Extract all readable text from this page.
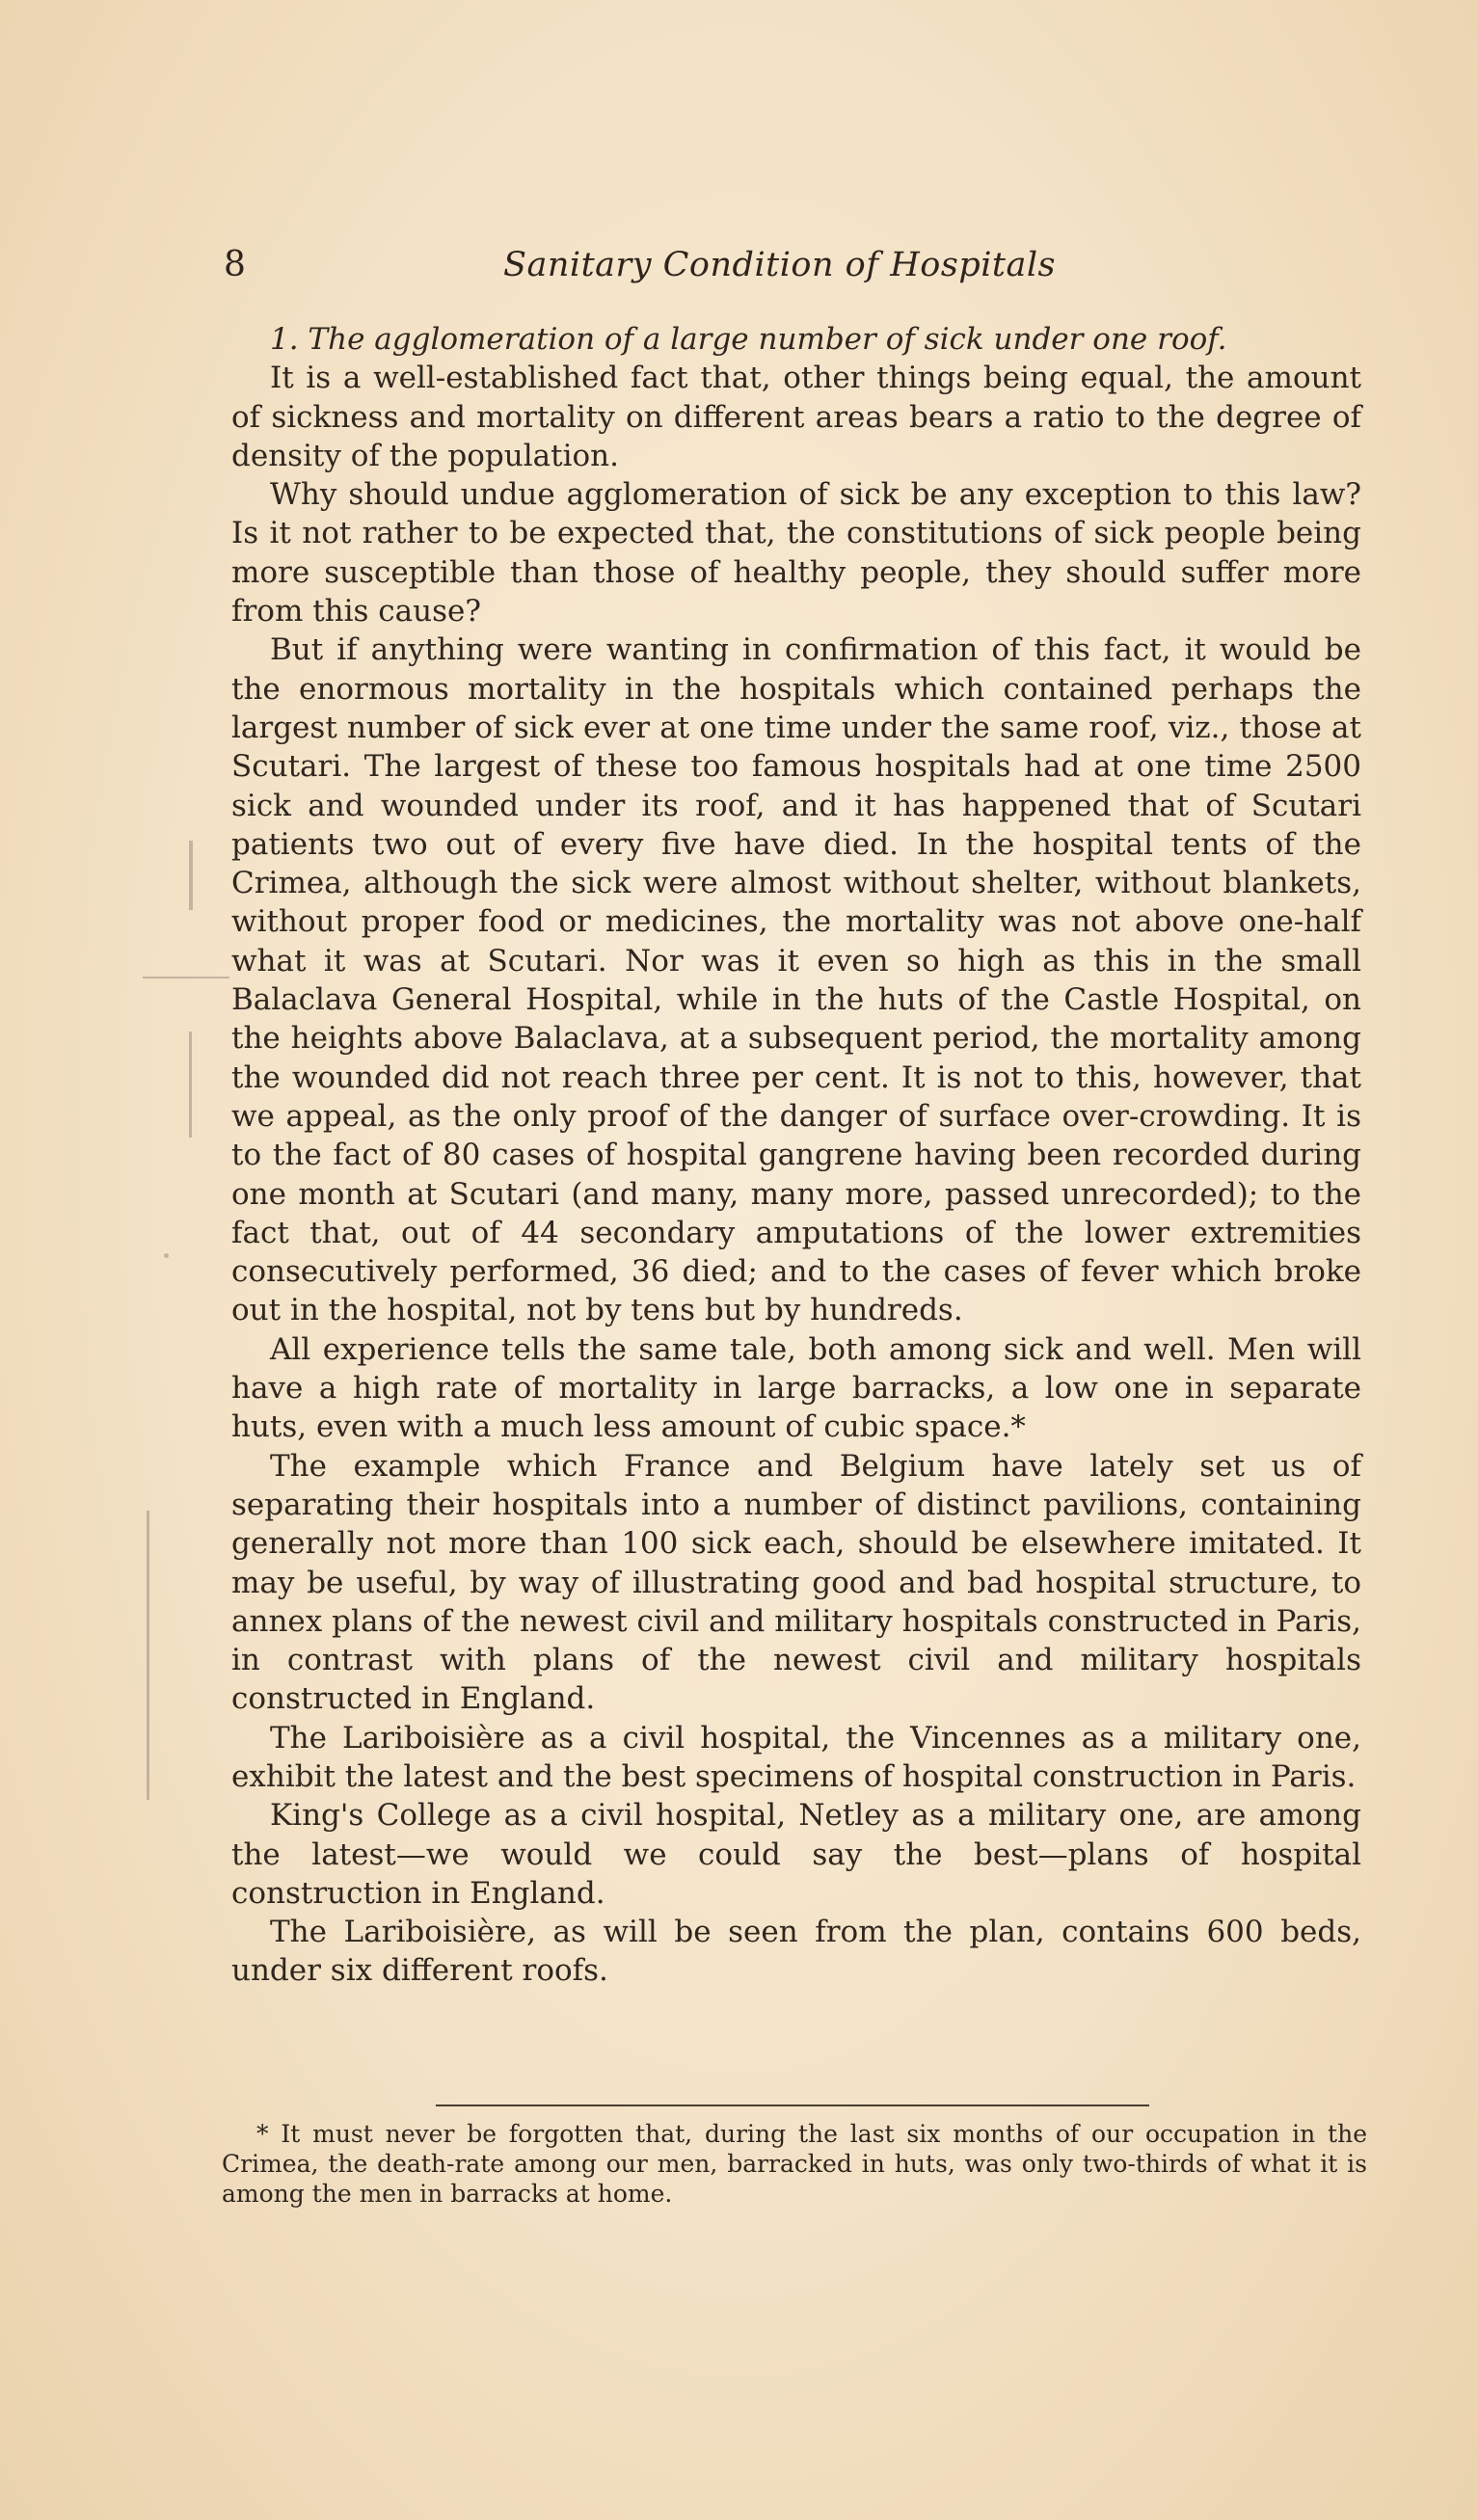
8	Sanitary Condition of Hospitals

1. The agglomeration of a large number of sick under one roof.

It is a well-established fact that, other things being equal, the amount of sickness and mortality on different areas bears a ratio to the degree of density of the population.

Why should undue agglomeration of sick be any exception to this law? Is it not rather to be expected that, the constitutions of sick people being more susceptible than those of healthy people, they should suffer more from this cause?

But if anything were wanting in confirmation of this fact, it would be the enormous mortality in the hospitals which contained perhaps the largest number of sick ever at one time under the same roof, viz., those at Scutari. The largest of these too famous hospitals had at one time 2500 sick and wounded under its roof, and it has happened that of Scutari patients two out of every five have died. In the hospital tents of the Crimea, although the sick were almost without shelter, without blankets, without proper food or medicines, the mortality was not above one-half what it was at Scutari. Nor was it even so high as this in the small Balaclava General Hospital, while in the huts of the Castle Hospital, on the heights above Balaclava, at a subsequent period, the mortality among the wounded did not reach three per cent. It is not to this, however, that we appeal, as the only proof of the danger of surface over-crowding. It is to the fact of 80 cases of hospital gangrene having been recorded during one month at Scutari (and many, many more, passed unrecorded); to the fact that, out of 44 secondary amputations of the lower extremities consecutively performed, 36 died; and to the cases of fever which broke out in the hospital, not by tens but by hundreds.

All experience tells the same tale, both among sick and well. Men will have a high rate of mortality in large barracks, a low one in separate huts, even with a much less amount of cubic space.*

The example which France and Belgium have lately set us of separating their hospitals into a number of distinct pavilions, containing generally not more than 100 sick each, should be elsewhere imitated. It may be useful, by way of illustrating good and bad hospital structure, to annex plans of the newest civil and military hospitals constructed in Paris, in contrast with plans of the newest civil and military hospitals constructed in England.

The Lariboisière as a civil hospital, the Vincennes as a military one, exhibit the latest and the best specimens of hospital construction in Paris.

King's College as a civil hospital, Netley as a military one, are among the latest—we would we could say the best—plans of hospital construction in England.

The Lariboisière, as will be seen from the plan, contains 600 beds, under six different roofs.

* It must never be forgotten that, during the last six months of our occupation in the Crimea, the death-rate among our men, barracked in huts, was only two-thirds of what it is among the men in barracks at home.
